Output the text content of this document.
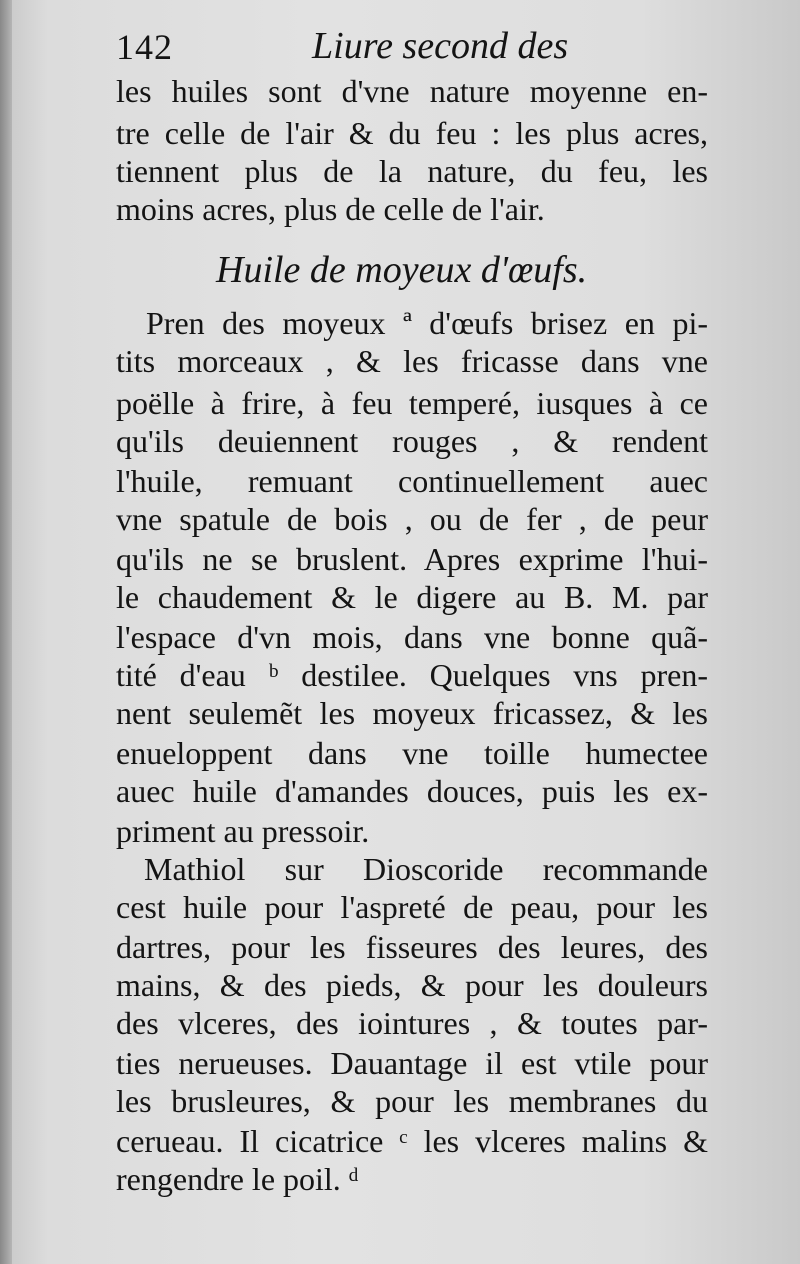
142	Liure second des
les huiles sont d'vne nature moyenne en-
tre celle de l'air & du feu : les plus acres,
tiennent plus de la nature, du feu, les
moins acres, plus de celle de l'air.
Huile de moyeux d'œufs.
Pren des moyeux ª d'œufs brisez en pi-
tits morceaux , & les fricasse dans vne
poëlle à frire, à feu temperé, iusques à ce
qu'ils deuiennent rouges , & rendent
l'huile, remuant continuellement auec
vne spatule de bois , ou de fer , de peur
qu'ils ne se bruslent. Apres exprime l'hui-
le chaudement & le digere au B. M. par
l'espace d'vn mois, dans vne bonne quã-
tité d'eau ᵇ destilee. Quelques vns pren-
nent seulemẽt les moyeux fricassez, & les
enueloppent dans vne toille humectee
auec huile d'amandes douces, puis les ex-
priment au pressoir.
Mathiol sur Dioscoride recommande
cest huile pour l'aspreté de peau, pour les
dartres, pour les fisseures des leures, des
mains, & des pieds, & pour les douleurs
des vlceres, des iointures , & toutes par-
ties nerueuses. Dauantage il est vtile pour
les brusleures, & pour les membranes du
cerueau. Il cicatrice ᶜ les vlceres malins &
rengendre le poil. ᵈ
